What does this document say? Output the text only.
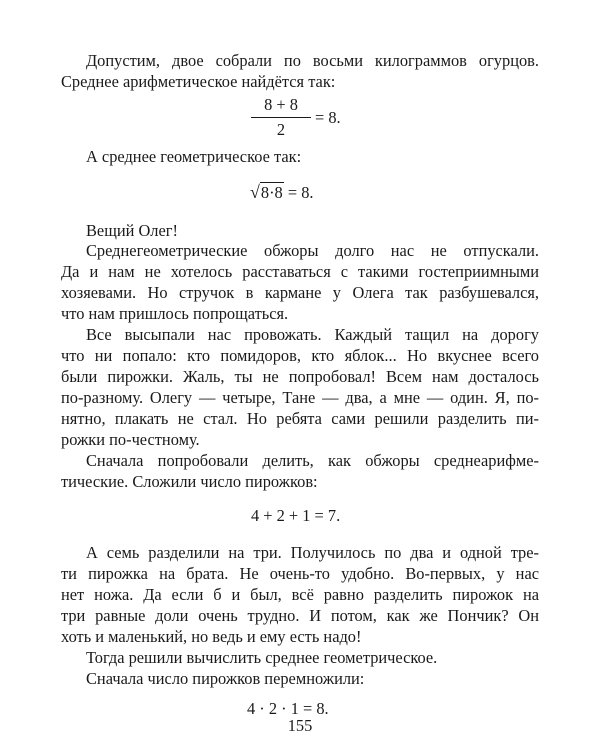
Допустим, двое собрали по восьми килограммов огурцов.
Среднее арифметическое найдётся так:
8 + 8
2
= 8.
А среднее геометрическое так:
√8·8 = 8.
Вещий Олег!
Среднегеометрические обжоры долго нас не отпускали.
Да и нам не хотелось расставаться с такими гостеприимными
хозяевами. Но стручок в кармане у Олега так разбушевался,
что нам пришлось попрощаться.
Все высыпали нас провожать. Каждый тащил на дорогу
что ни попало: кто помидоров, кто яблок... Но вкуснее всего
были пирожки. Жаль, ты не попробовал! Всем нам досталось
по-разному. Олегу — четыре, Тане — два, а мне — один. Я, по-
нятно, плакать не стал. Но ребята сами решили разделить пи-
рожки по-честному.
Сначала попробовали делить, как обжоры среднеарифме-
тические. Сложили число пирожков:
4 + 2 + 1 = 7.
А семь разделили на три. Получилось по два и одной тре-
ти пирожка на брата. Не очень-то удобно. Во-первых, у нас
нет ножа. Да если б и был, всё равно разделить пирожок на
три равные доли очень трудно. И потом, как же Пончик? Он
хоть и маленький, но ведь и ему есть надо!
Тогда решили вычислить среднее геометрическое.
Сначала число пирожков перемножили:
4 · 2 · 1 = 8.
155
